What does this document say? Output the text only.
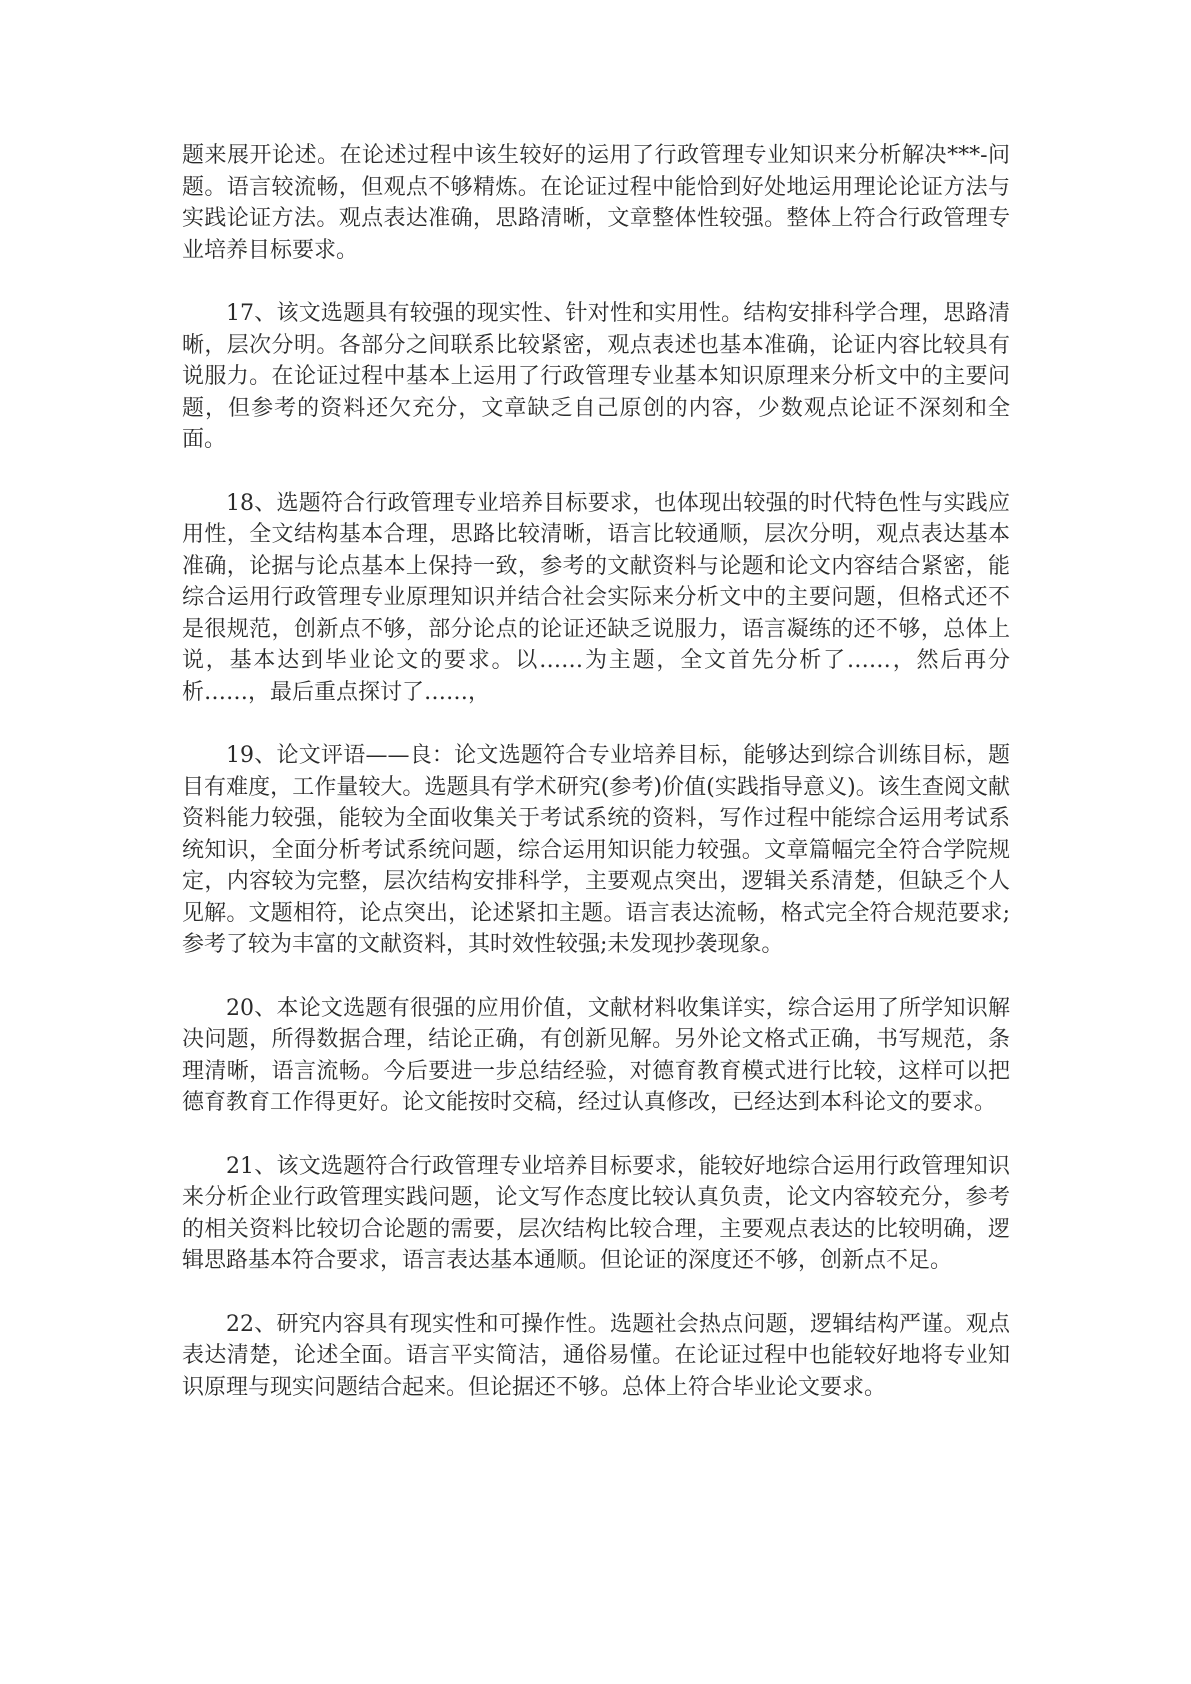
题来展开论述。在论述过程中该生较好的运用了行政管理专业知识来分析解决***-问题。语言较流畅，但观点不够精炼。在论证过程中能恰到好处地运用理论论证方法与实践论证方法。观点表达准确，思路清晰，文章整体性较强。整体上符合行政管理专业培养目标要求。

17、该文选题具有较强的现实性、针对性和实用性。结构安排科学合理，思路清晰，层次分明。各部分之间联系比较紧密，观点表述也基本准确，论证内容比较具有说服力。在论证过程中基本上运用了行政管理专业基本知识原理来分析文中的主要问题，但参考的资料还欠充分，文章缺乏自己原创的内容，少数观点论证不深刻和全面。

18、选题符合行政管理专业培养目标要求，也体现出较强的时代特色性与实践应用性，全文结构基本合理，思路比较清晰，语言比较通顺，层次分明，观点表达基本准确，论据与论点基本上保持一致，参考的文献资料与论题和论文内容结合紧密，能综合运用行政管理专业原理知识并结合社会实际来分析文中的主要问题，但格式还不是很规范，创新点不够，部分论点的论证还缺乏说服力，语言凝练的还不够，总体上说，基本达到毕业论文的要求。以……为主题，全文首先分析了……，然后再分析……，最后重点探讨了……，

19、论文评语——良：论文选题符合专业培养目标，能够达到综合训练目标，题目有难度，工作量较大。选题具有学术研究(参考)价值(实践指导意义)。该生查阅文献资料能力较强，能较为全面收集关于考试系统的资料，写作过程中能综合运用考试系统知识，全面分析考试系统问题，综合运用知识能力较强。文章篇幅完全符合学院规定，内容较为完整，层次结构安排科学，主要观点突出，逻辑关系清楚，但缺乏个人见解。文题相符，论点突出，论述紧扣主题。语言表达流畅，格式完全符合规范要求;参考了较为丰富的文献资料，其时效性较强;未发现抄袭现象。

20、本论文选题有很强的应用价值，文献材料收集详实，综合运用了所学知识解决问题，所得数据合理，结论正确，有创新见解。另外论文格式正确，书写规范，条理清晰，语言流畅。今后要进一步总结经验，对德育教育模式进行比较，这样可以把德育教育工作得更好。论文能按时交稿，经过认真修改，已经达到本科论文的要求。

21、该文选题符合行政管理专业培养目标要求，能较好地综合运用行政管理知识来分析企业行政管理实践问题，论文写作态度比较认真负责，论文内容较充分，参考的相关资料比较切合论题的需要，层次结构比较合理，主要观点表达的比较明确，逻辑思路基本符合要求，语言表达基本通顺。但论证的深度还不够，创新点不足。

22、研究内容具有现实性和可操作性。选题社会热点问题，逻辑结构严谨。观点表达清楚，论述全面。语言平实简洁，通俗易懂。在论证过程中也能较好地将专业知识原理与现实问题结合起来。但论据还不够。总体上符合毕业论文要求。
